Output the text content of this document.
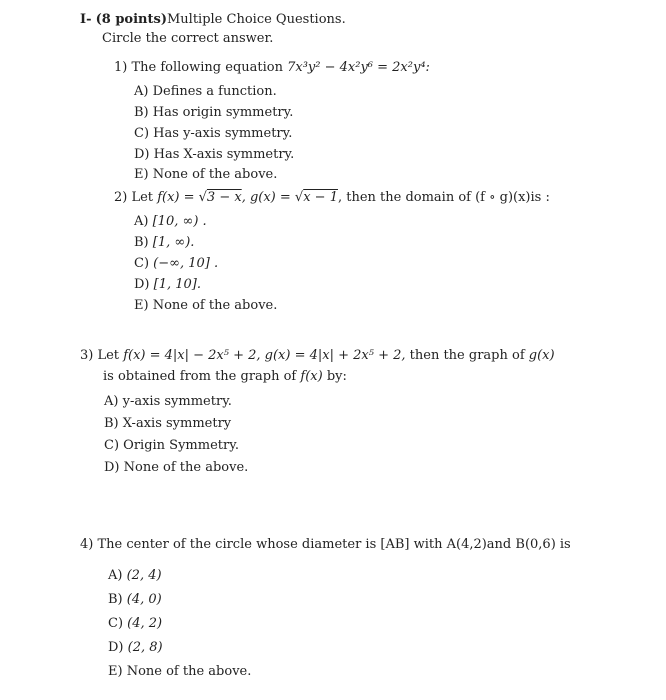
I- (8 points)Multiple Choice Questions.
Circle the correct answer.
1) The following equation 7x³y² − 4x²y⁶ = 2x²y⁴:
A) Defines a function.
B) Has origin symmetry.
C) Has y-axis symmetry.
D) Has X-axis symmetry.
E) None of the above.
2) Let f(x) = √3 − x, g(x) = √x − 1, then the domain of (f ∘ g)(x)is :
A) [10, ∞) .
B) [1, ∞).
C) (−∞, 10] .
D) [1, 10].
E) None of the above.
3) Let f(x) = 4|x| − 2x⁵ + 2, g(x) = 4|x| + 2x⁵ + 2, then the graph of g(x)
is obtained from the graph of f(x) by:
A) y-axis symmetry.
B) X-axis symmetry
C) Origin Symmetry.
D) None of the above.
4) The center of the circle whose diameter is [AB] with A(4,2)and B(0,6) is
A) (2, 4)
B) (4, 0)
C) (4, 2)
D) (2, 8)
E) None of the above.
